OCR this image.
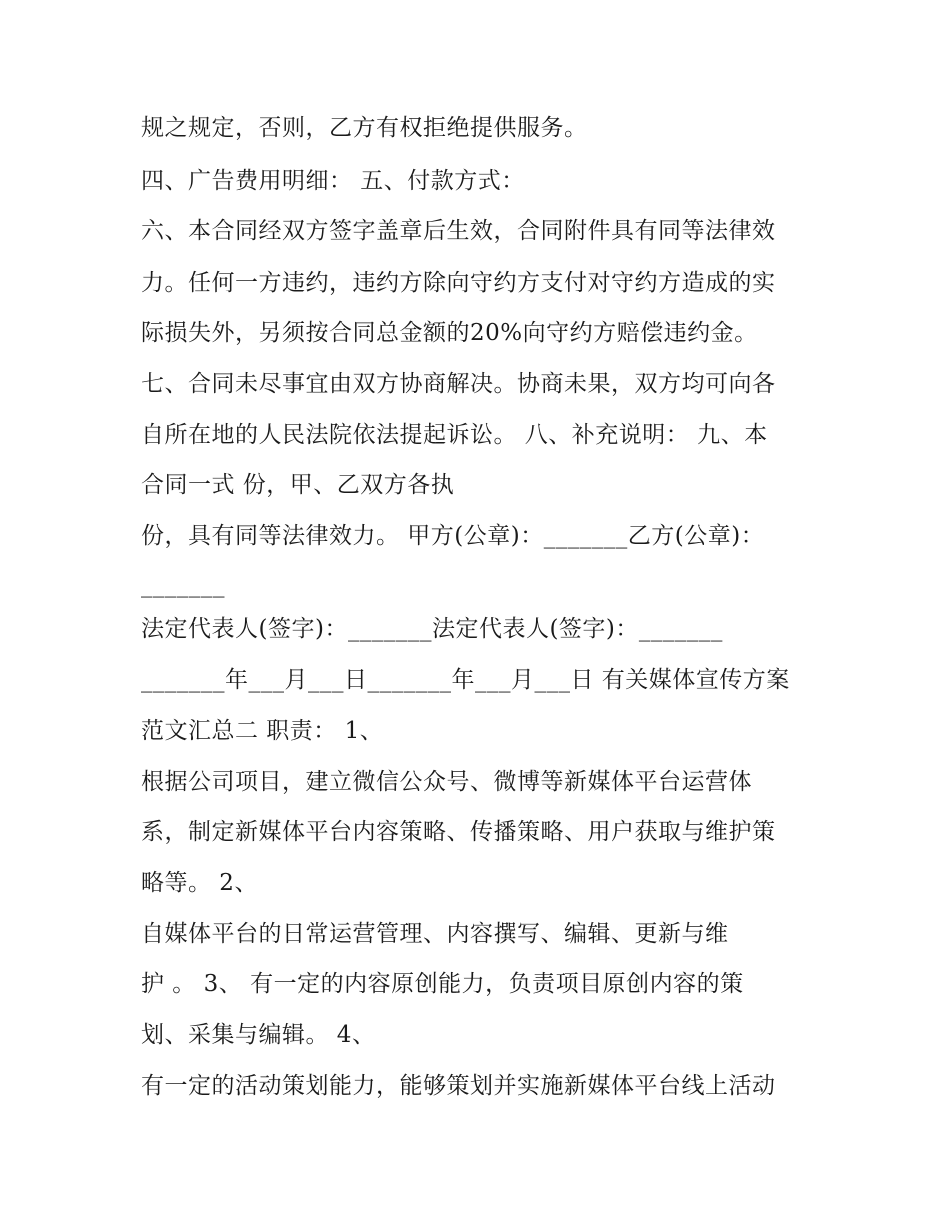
规之规定，否则，乙方有权拒绝提供服务。
四、广告费用明细： 五、付款方式：
六、本合同经双方签字盖章后生效，合同附件具有同等法律效
力。任何一方违约，违约方除向守约方支付对守约方造成的实
际损失外，另须按合同总金额的20%向守约方赔偿违约金。
七、合同未尽事宜由双方协商解决。协商未果，双方均可向各
自所在地的人民法院依法提起诉讼。 八、补充说明： 九、本
合同一式 份，甲、乙双方各执
份，具有同等法律效力。 甲方(公章)：_______乙方(公章)：
_______
法定代表人(签字)：_______法定代表人(签字)：_______
_______年___月___日_______年___月___日 有关媒体宣传方案
范文汇总二 职责： 1、
根据公司项目，建立微信公众号、微博等新媒体平台运营体
系，制定新媒体平台内容策略、传播策略、用户获取与维护策
略等。 2、
自媒体平台的日常运营管理、内容撰写、编辑、更新与维
护 。 3、 有一定的内容原创能力，负责项目原创内容的策
划、采集与编辑。 4、
有一定的活动策划能力，能够策划并实施新媒体平台线上活动
